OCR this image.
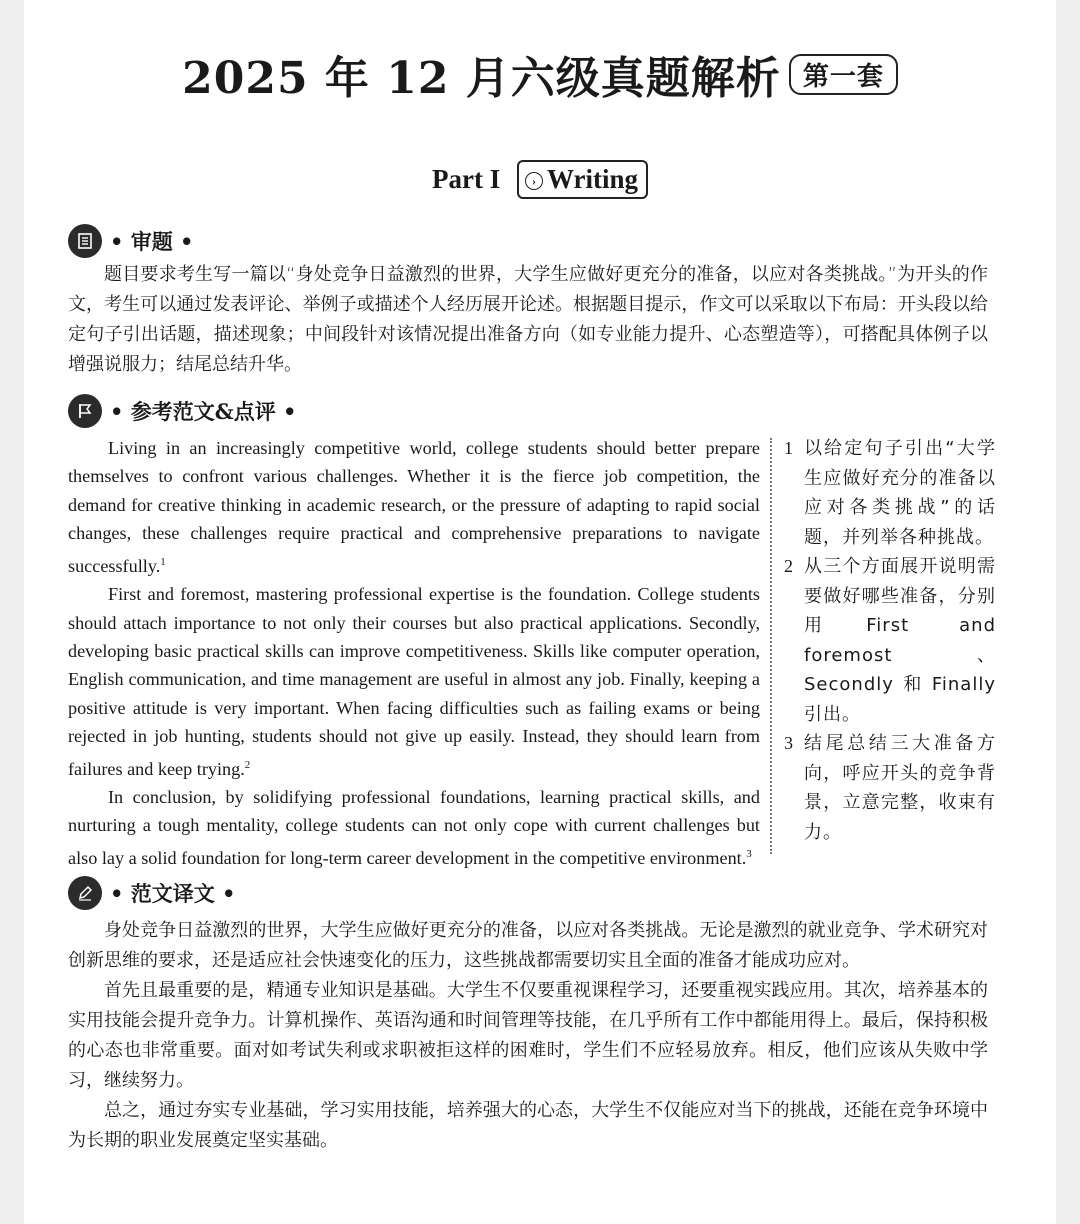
2025 年 12 月六级真题解析 第一套
Part I	› Writing
• 审题 •

题目要求考生写一篇以“身处竞争日益激烈的世界，大学生应做好更充分的准备，以应对各类挑战。”为开头的作文，考生可以通过发表评论、举例子或描述个人经历展开论述。根据题目提示，作文可以采取以下布局：开头段以给定句子引出话题，描述现象；中间段针对该情况提出准备方向（如专业能力提升、心态塑造等），可搭配具体例子以增强说服力；结尾总结升华。

• 参考范文&点评 •

Living in an increasingly competitive world, college students should better prepare themselves to confront various challenges. Whether it is the fierce job competition, the demand for creative thinking in academic research, or the pressure of adapting to rapid social changes, these challenges require practical and comprehensive preparations to navigate successfully.$^1$

First and foremost, mastering professional expertise is the foundation. College students should attach importance to not only their courses but also practical applications. Secondly, developing basic practical skills can improve competitiveness. Skills like computer operation, English communication, and time management are useful in almost any job. Finally, keeping a positive attitude is very important. When facing difficulties such as failing exams or being rejected in job hunting, students should not give up easily. Instead, they should learn from failures and keep trying.$^2$

In conclusion, by solidifying professional foundations, learning practical skills, and nurturing a tough mentality, college students can not only cope with current challenges but also lay a solid foundation for long-term career development in the competitive environment.$^3$

1 以给定句子引出“大学生应做好充分的准备以应对各类挑战”的话题，并列举各种挑战。
2 从三个方面展开说明需要做好哪些准备，分别用First and foremost、Secondly和Finally引出。
3 结尾总结三大准备方向，呼应开头的竞争背景，立意完整，收束有力。
• 范文译文 •

身处竞争日益激烈的世界，大学生应做好更充分的准备，以应对各类挑战。无论是激烈的就业竞争、学术研究对创新思维的要求，还是适应社会快速变化的压力，这些挑战都需要切实且全面的准备才能成功应对。

首先且最重要的是，精通专业知识是基础。大学生不仅要重视课程学习，还要重视实践应用。其次，培养基本的实用技能会提升竞争力。计算机操作、英语沟通和时间管理等技能，在几乎所有工作中都能用得上。最后，保持积极的心态也非常重要。面对如考试失利或求职被拒这样的困难时，学生们不应轻易放弃。相反，他们应该从失败中学习，继续努力。

总之，通过夯实专业基础，学习实用技能，培养强大的心态，大学生不仅能应对当下的挑战，还能在竞争环境中为长期的职业发展奠定坚实基础。
